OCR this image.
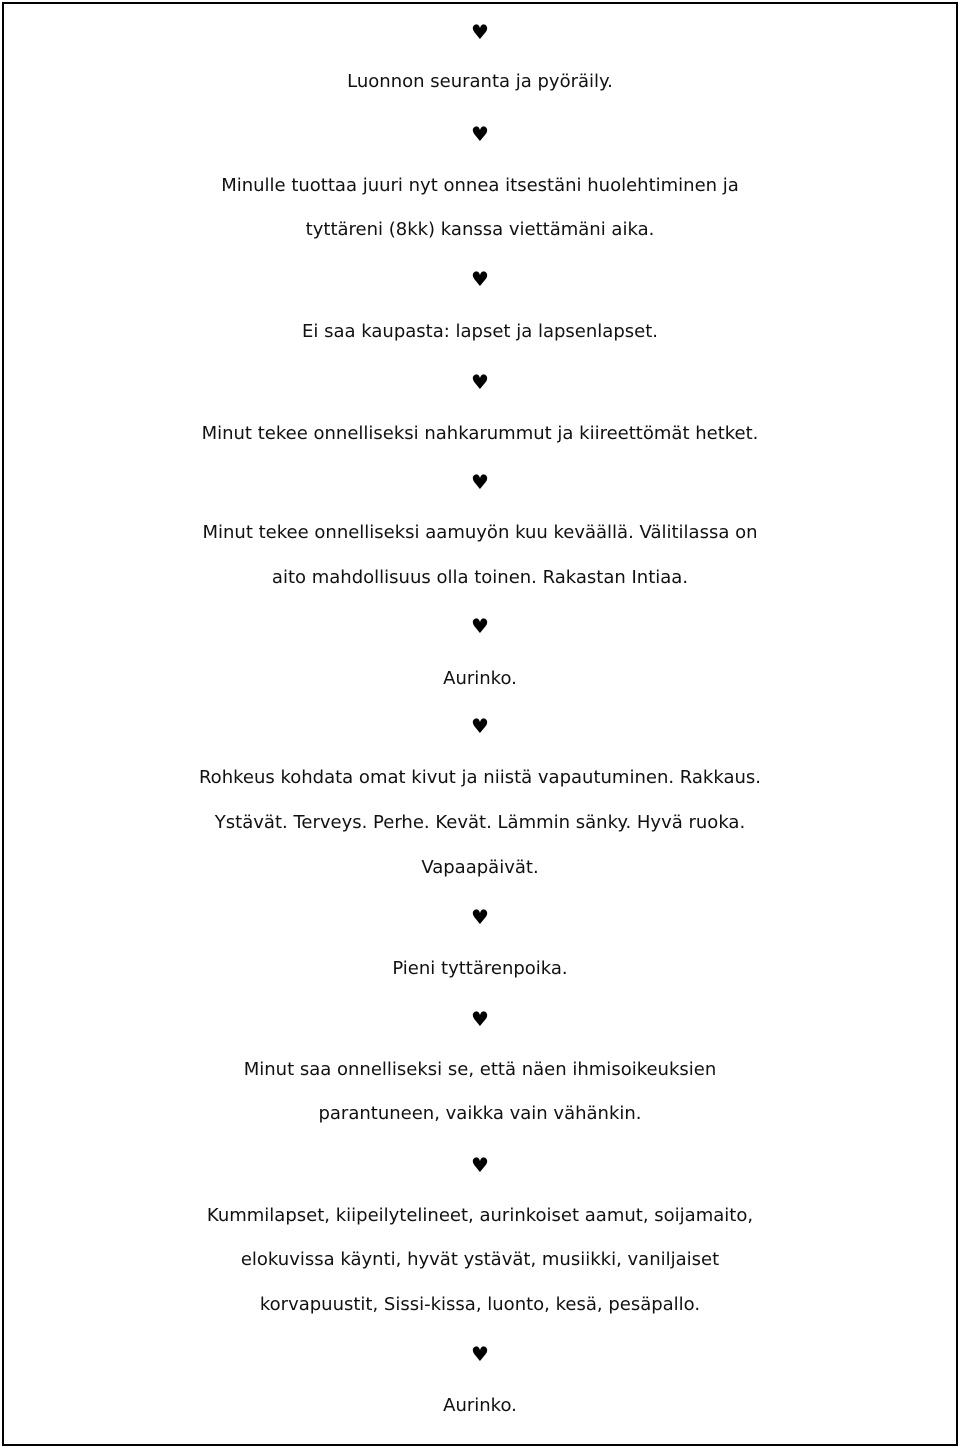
♥
Luonnon seuranta ja pyöräily.
♥
Minulle tuottaa juuri nyt onnea itsestäni huolehtiminen ja
tyttäreni (8kk) kanssa viettämäni aika.
♥
Ei saa kaupasta: lapset ja lapsenlapset.
♥
Minut tekee onnelliseksi nahkarummut ja kiireettömät hetket.
♥
Minut tekee onnelliseksi aamuyön kuu keväällä. Välitilassa on
aito mahdollisuus olla toinen. Rakastan Intiaa.
♥
Aurinko.
♥
Rohkeus kohdata omat kivut ja niistä vapautuminen. Rakkaus.
Ystävät. Terveys. Perhe. Kevät. Lämmin sänky. Hyvä ruoka.
Vapaapäivät.
♥
Pieni tyttärenpoika.
♥
Minut saa onnelliseksi se, että näen ihmisoikeuksien
parantuneen, vaikka vain vähänkin.
♥
Kummilapset, kiipeilytelineet, aurinkoiset aamut, soijamaito,
elokuvissa käynti, hyvät ystävät, musiikki, vaniljaiset
korvapuustit, Sissi-kissa, luonto, kesä, pesäpallo.
♥
Aurinko.
